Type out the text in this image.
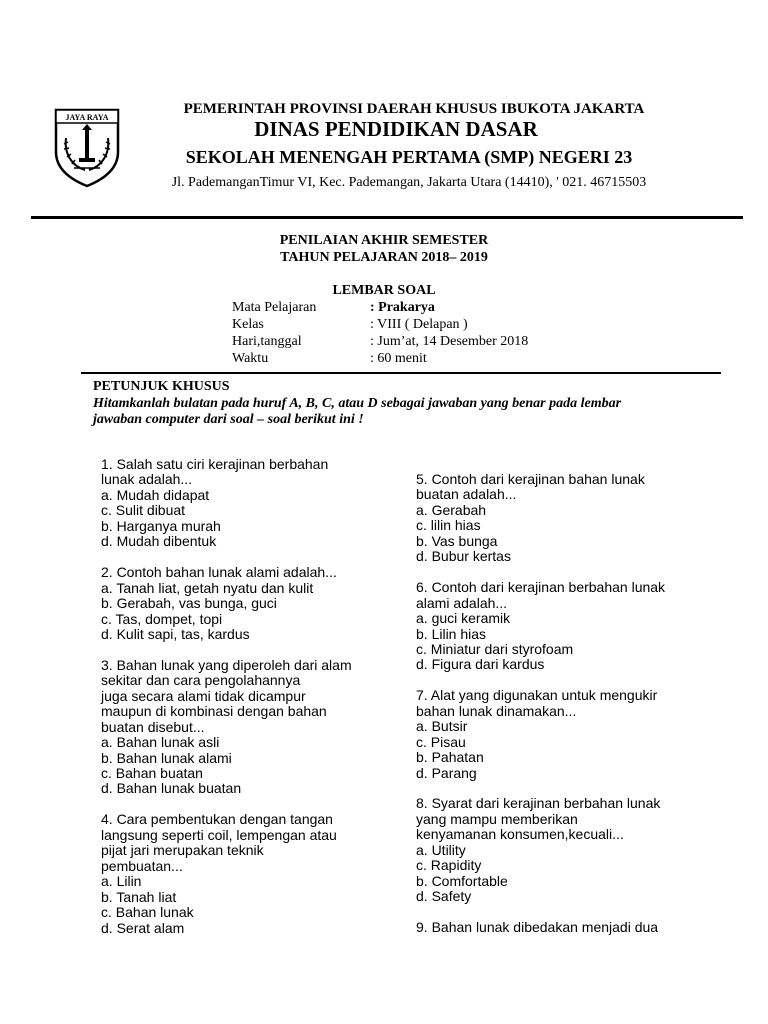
JAYA RAYA
PEMERINTAH PROVINSI DAERAH KHUSUS IBUKOTA JAKARTA
DINAS PENDIDIKAN DASAR
SEKOLAH MENENGAH PERTAMA (SMP) NEGERI 23
Jl. PademanganTimur VI, Kec. Pademangan, Jakarta Utara (14410), ' 021. 46715503
PENILAIAN AKHIR SEMESTER
TAHUN PELAJARAN 2018– 2019
LEMBAR SOAL
Mata Pelajaran	: Prakarya
Kelas	: VIII ( Delapan )
Hari,tanggal	: Jum’at, 14 Desember 2018
Waktu	: 60 menit
PETUNJUK KHUSUS
Hitamkanlah bulatan pada huruf A, B, C, atau D sebagai jawaban yang benar pada lembar
jawaban computer dari soal – soal berikut ini !
1. Salah satu ciri kerajinan berbahan
lunak adalah...
a. Mudah didapat
c. Sulit dibuat
b. Harganya murah
d. Mudah dibentuk
2. Contoh bahan lunak alami adalah...
a. Tanah liat, getah nyatu dan kulit
b. Gerabah, vas bunga, guci
c. Tas, dompet, topi
d. Kulit sapi, tas, kardus
3. Bahan lunak yang diperoleh dari alam
sekitar dan cara pengolahannya
juga secara alami tidak dicampur
maupun di kombinasi dengan bahan
buatan disebut...
a. Bahan lunak asli
b. Bahan lunak alami
c. Bahan buatan
d. Bahan lunak buatan
4. Cara pembentukan dengan tangan
langsung seperti coil, lempengan atau
pijat jari merupakan teknik
pembuatan...
a. Lilin
b. Tanah liat
c. Bahan lunak
d. Serat alam
5. Contoh dari kerajinan bahan lunak
buatan adalah...
a. Gerabah
c. lilin hias
b. Vas bunga
d. Bubur kertas
6. Contoh dari kerajinan berbahan lunak
alami adalah...
a. guci keramik
b. Lilin hias
c. Miniatur dari styrofoam
d. Figura dari kardus
7. Alat yang digunakan untuk mengukir
bahan lunak dinamakan...
a. Butsir
c. Pisau
b. Pahatan
d. Parang
8. Syarat dari kerajinan berbahan lunak
yang mampu memberikan
kenyamanan konsumen,kecuali...
a. Utility
c. Rapidity
b. Comfortable
d. Safety
9. Bahan lunak dibedakan menjadi dua
